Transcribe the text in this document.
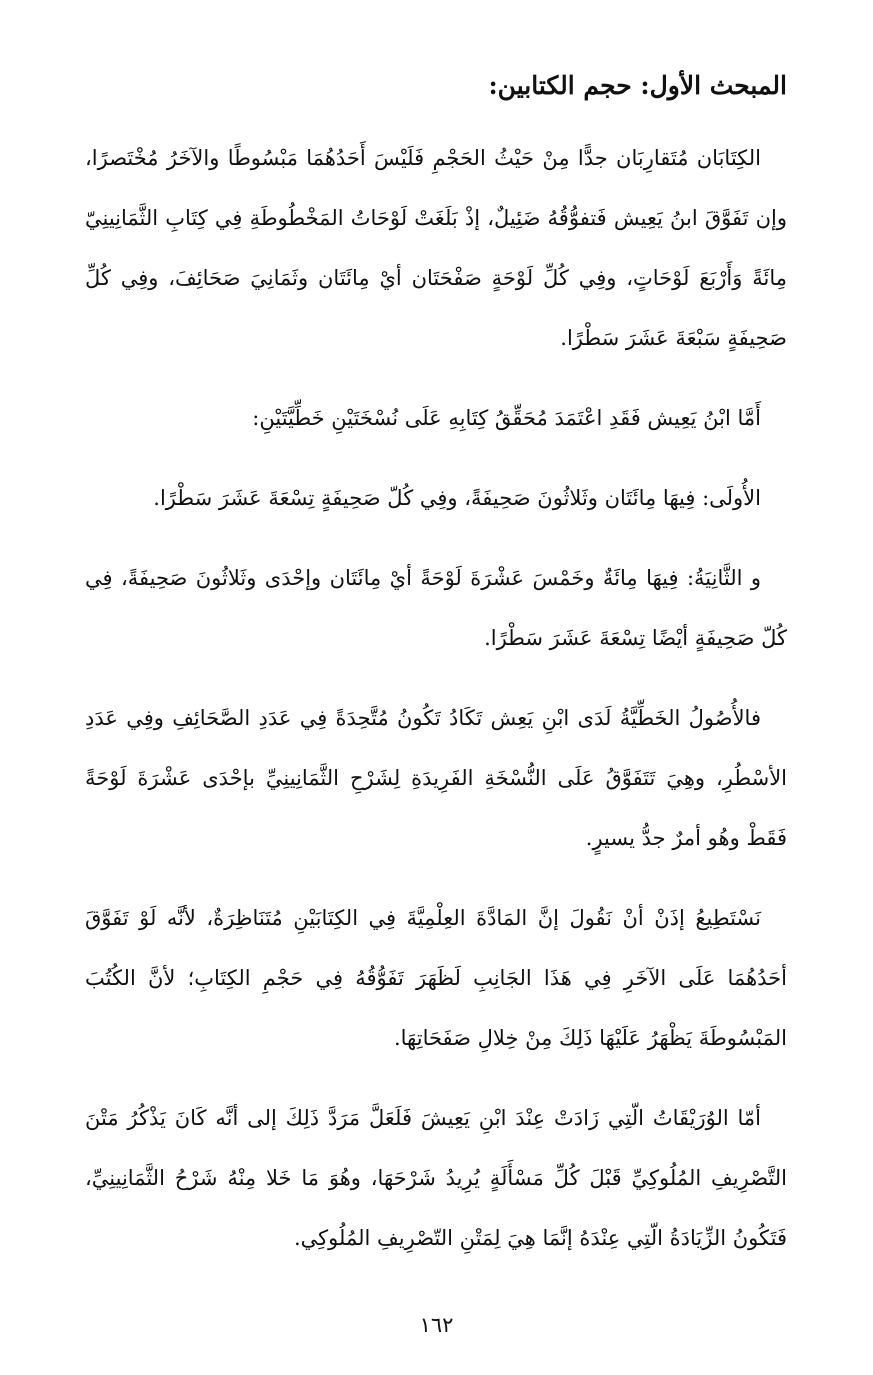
المبحث الأول: حجم الكتابين:

الكِتَابَان مُتَقارِبَان جدًّا مِنْ حَيْثُ الحَجْمِ فَلَيْسَ أَحَدُهُمَا مَبْسُوطًا والآخَرُ مُخْتَصرًا، وإن تَفَوَّقَ ابنُ يَعِيش فَتفوُّقُهُ ضَئِيلٌ، إذْ بَلَغَتْ لَوْحَاتُ المَخْطُوطَةِ فِي كِتَابِ الثَّمَانِينِيّ مِائَةً وَأَرْبَعَ لَوْحَاتٍ، وفِي كُلِّ لَوْحَةٍ صَفْحَتَان أيْ مِائَتَان وثَمَانِيَ صَحَائِفَ، وفِي كُلِّ صَحِيفَةٍ سَبْعَةَ عَشَرَ سَطْرًا.

أَمَّا ابْنُ يَعِيش فَقَدِ اعْتَمَدَ مُحَقِّقُ كِتَابِهِ عَلَى نُسْخَتَيْنِ خَطِّيَّتَيْنِ:

الأُولَى: فِيهَا مِائَتَان وثَلاثُونَ صَحِيفَةً، وفِي كُلّ صَحِيفَةٍ تِسْعَةَ عَشَرَ سَطْرًا.

و الثَّانِيَةُ: فِيهَا مِائَةٌ وخَمْسَ عَشْرَةَ لَوْحَةً أيْ مِائَتَان وإحْدَى وثَلاثُونَ صَحِيفَةً، فِي كُلّ صَحِيفَةٍ أيْضًا تِسْعَةَ عَشَرَ سَطْرًا.

فالأُصُولُ الخَطِّيَّةُ لَدَى ابْنِ يَعِش تَكَادُ تَكُونُ مُتَّحِدَةً فِي عَدَدِ الصَّحَائِفِ وفِي عَدَدِ الأسْطُرِ، وهِيَ تَتَفَوَّقُ عَلَى النُّسْخَةِ الفَرِيدَةِ لِشَرْحِ الثَّمَانِينِيِّ بإحْدَى عَشْرَةَ لَوْحَةً فَقَطْ وهُو أمرٌ جدُّ يسيرٍ.

نَسْتَطِيعُ إذَنْ أنْ نَقُولَ إنَّ المَادَّةَ العِلْمِيَّةَ فِي الكِتَابَيْنِ مُتَنَاظِرَةٌ، لأنَّه لَوْ تَفَوَّقَ أحَدُهُمَا عَلَى الآخَرِ فِي هَذَا الجَانِبِ لَظَهَرَ تَفَوُّقُهُ فِي حَجْمِ الكِتَابِ؛ لأنَّ الكُتُبَ المَبْسُوطَةَ يَظْهَرُ عَلَيْهَا ذَلِكَ مِنْ خِلالِ صَفَحَاتِهَا.

أمّا الوُرَيْقَاتُ الّتِي زَادَتْ عِنْدَ ابْنِ يَعِيشَ فَلَعَلَّ مَرَدَّ ذَلِكَ إلى أنَّه كَانَ يَذْكُرُ مَتْنَ التَّصْرِيفِ المُلُوكِيِّ قَبْلَ كُلِّ مَسْأَلَةٍ يُرِيدُ شَرْحَهَا، وهُوَ مَا خَلا مِنْهُ شَرْحُ الثَّمَانِينِيِّ، فَتَكُونُ الزِّيَادَةُ الّتِي عِنْدَهُ إنَّمَا هِيَ لِمَتْنِ التّصْرِيفِ المُلُوكِي.

١٦٢
